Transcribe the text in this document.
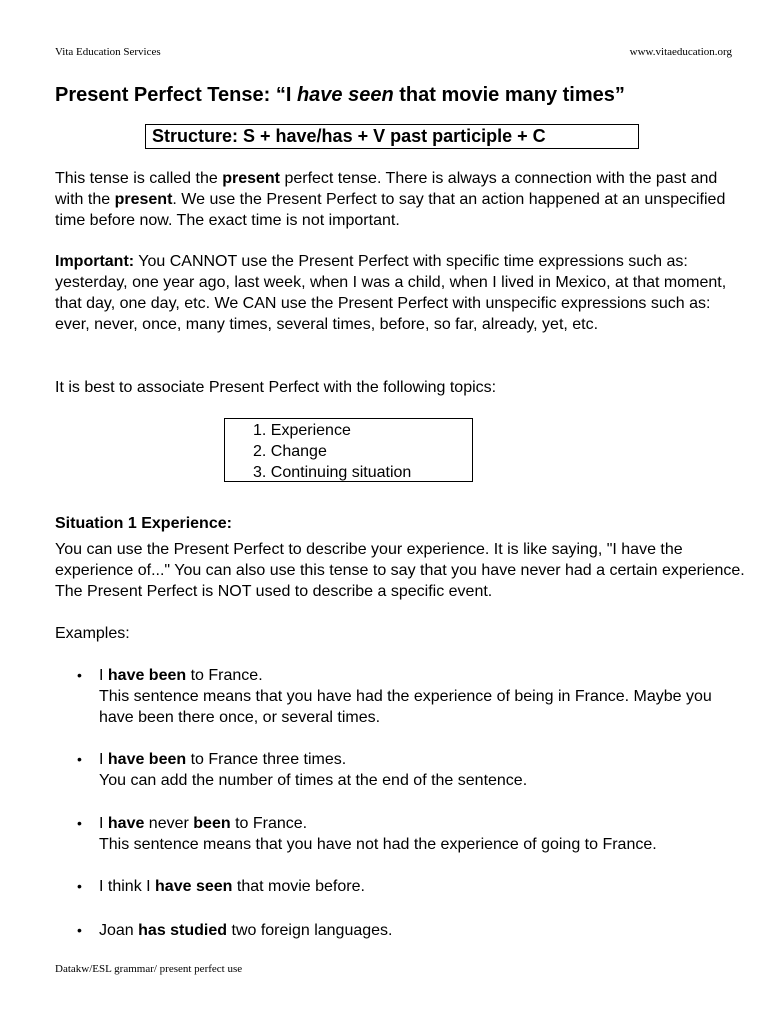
Vita Education Services	www.vitaeducation.org
Present Perfect Tense: “I have seen that movie many times”
Structure: S + have/has + V past participle + C
This tense is called the present perfect tense. There is always a connection with the past and with the present. We use the Present Perfect to say that an action happened at an unspecified time before now. The exact time is not important.
Important: You CANNOT use the Present Perfect with specific time expressions such as: yesterday, one year ago, last week, when I was a child, when I lived in Mexico, at that moment, that day, one day, etc. We CAN use the Present Perfect with unspecific expressions such as: ever, never, once, many times, several times, before, so far, already, yet, etc.
It is best to associate Present Perfect with the following topics:
1. Experience
2. Change
3. Continuing situation
Situation 1 Experience:
You can use the Present Perfect to describe your experience. It is like saying, "I have the experience of..." You can also use this tense to say that you have never had a certain experience. The Present Perfect is NOT used to describe a specific event.
Examples:
• I have been to France.
This sentence means that you have had the experience of being in France. Maybe you have been there once, or several times.
• I have been to France three times.
You can add the number of times at the end of the sentence.
• I have never been to France.
This sentence means that you have not had the experience of going to France.
• I think I have seen that movie before.
• Joan has studied two foreign languages.
Datakw/ESL grammar/ present perfect use
